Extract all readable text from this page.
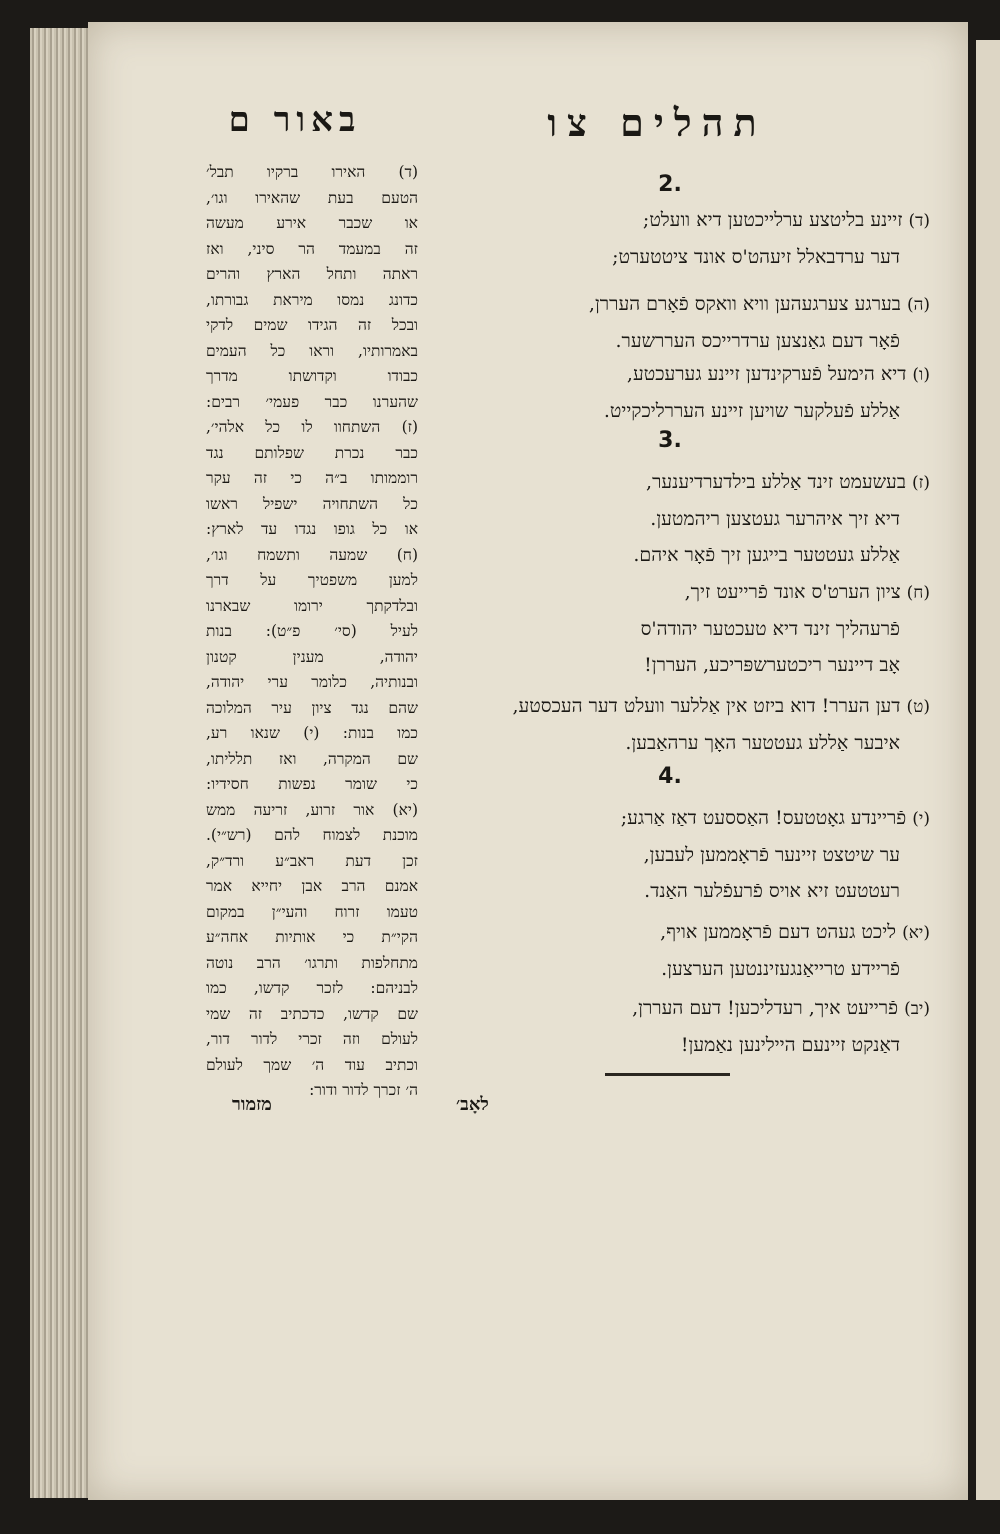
תהלים צו
באור ם
2.
(ד)זיינע בליטצע ערלייכטען דיא וועלט;
דער ערדבאלל זיעהט'ס אונד ציטטערט;
(ה)בערגע צערגעהען וויא וואקס פֿאָרם העררן,
פֿאָר דעם גאַנצען ערדרייכס העררשער.
(ו)דיא הימעל פֿערקינדען זיינע גערעכטע,
אַללע פֿעלקער שויען זיינע העררליכקייט.
3.
(ז)בעשעמט זינד אַללע בילדערדיענער,
דיא זיך איהרער געטצען ריהמטען.
אַללע געטטער בייגען זיך פֿאָר איהם.
(ח)ציון הערט'ס אונד פֿרייעט זיך,
פֿרעהליך זינד דיא טעכטער יהודה'ס
אָב דיינער ריכטערשפּריכע, העררן!
(ט)דען הערר! דוא ביזט אין אַללער וועלט דער העכסטע,
איבער אַללע געטטער האָך ערהאַבען.
4.
(י)פֿריינדע גאָטטעס! האַססעט דאַז אַרגע;
ער שיטצט זיינער פֿראָממען לעבען,
רעטטעט זיא אויס פֿרעפֿלער האַנד.
(יא)ליכט געהט דעם פֿראָממען אויף,
פֿריידע טרייאַנגעזיננטען הערצען.
(יב)פֿרייעט איך, רעדליכען! דעם העררן,
דאַנקט זיינעם היילינען נאַמען!
(ד) האירו ברקיו תבל׳
הטעם בעת שהאירו וגו׳,
או שכבר אירע מעשה
זה במעמד הר סיני, ואז
ראתה ותחל הארץ והרים
כדונג נמסו מיראת גבורתו,
ובכל זה הגידו שמים לדקי
באמרותיו, וראו כל העמים
כבודו וקדושתו מדרך
שהערנו כבר פעמי׳ רבים:
(ז) השתחוו לו כל אלהי׳,
כבר נכרת שפלותם נגד
רוממותו ב״ה כי זה עקר
כל השתחויה ישפיל ראשו
או כל גופו נגדו עד לארץ:
(ח) שמעה ותשמח וגו׳,
למען משפטיך על דרך
ובלדקתך ירומו שבארנו
לעיל (סי׳ פ״ט): בנות
יהודה, מענין קטנון
ובנותיה, כלומר ערי יהודה,
שהם נגד ציון עיר המלוכה
כמו בנות: (י) שנאו רע,
שם המקרה, ואז תלליתו,
כי שומר נפשות חסידיו:
(יא) אור זרוע, זריעה ממש
מוכנת לצמוח להם (רש״י).
זכן דעת ראב״ע ורד״ק,
אמנם הרב אבן יחייא אמר
טעמו זרוח והעי״ן במקום
הקי״ת כי אותיות אחה״ע
מתחלפות ותרגו׳ הרב נוטה
לבניהם: לזכר קדשו, כמו
שם קדשו, כדכתיב זה שמי
לעולם וזה זכרי לדור דור,
וכתיב עוד ה׳ שמך לעולם
ה׳ זכרך לדור ודור:
מזמור	לאָב׳
